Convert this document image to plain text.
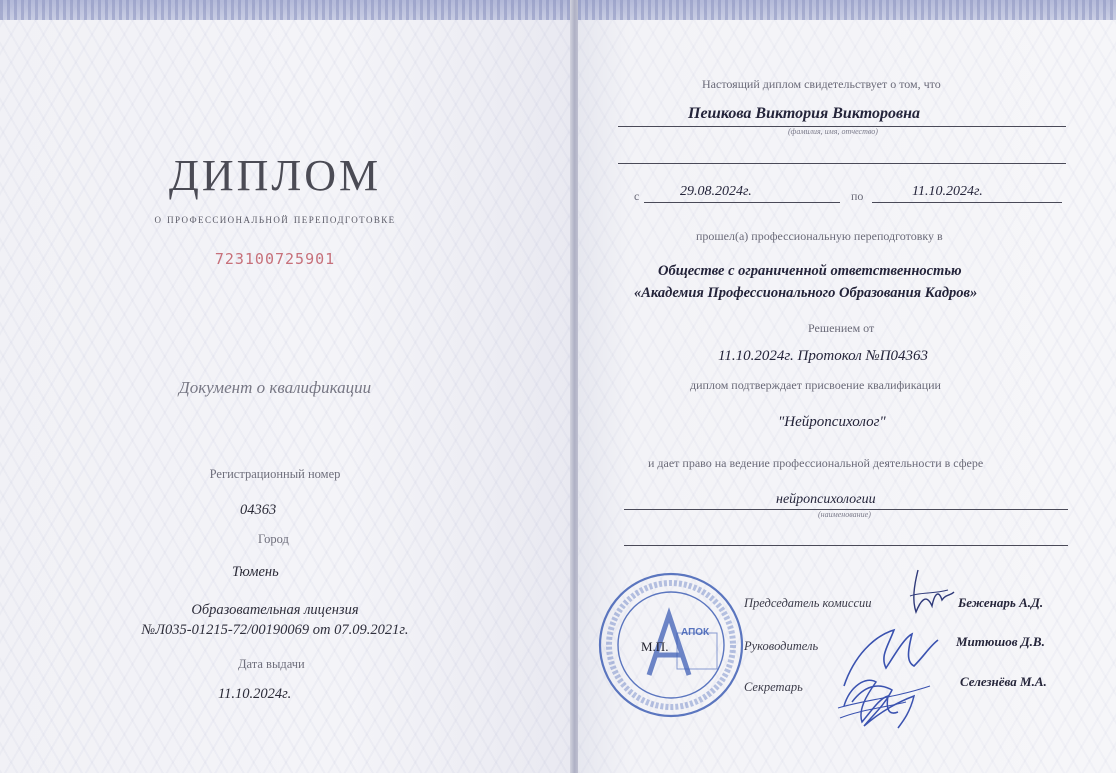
ДИПЛОМ
о профессиональной переподготовке
723100725901
Документ о квалификации
Регистрационный номер
04363
Город
Тюмень
Образовательная лицензия
№Л035-01215-72/00190069 от 07.09.2021г.
Дата выдачи
11.10.2024г.
Настоящий диплом свидетельствует о том, что
Пешкова Виктория Викторовна
(фамилия, имя, отчество)
с	29.08.2024г.	по	11.10.2024г.
прошел(а) профессиональную переподготовку в
Обществе с ограниченной ответственностью
«Академия Профессионального Образования Кадров»
Решением от
11.10.2024г. Протокол №П04363
диплом подтверждает присвоение квалификации
"Нейропсихолог"
и дает право на ведение профессиональной деятельности в сфере
нейропсихологии
(наименование)
Председатель комиссии	Беженарь А.Д.
Руководитель	Митюшов Д.В.
Секретарь	Селезнёва М.А.
АПОК
М.П.
